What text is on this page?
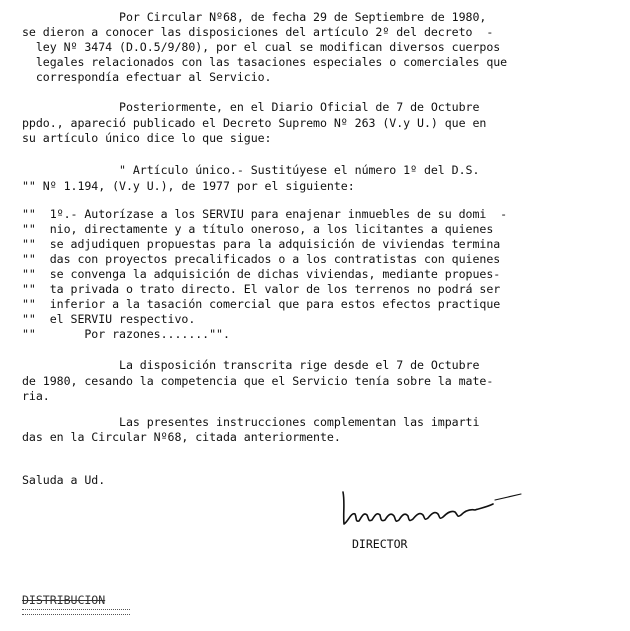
Por Circular Nº68, de fecha 29 de Septiembre de 1980,
se dieron a conocer las disposiciones del artículo 2º del decreto  -
ley Nº 3474 (D.O.5/9/80), por el cual se modifican diversos cuerpos
legales relacionados con las tasaciones especiales o comerciales que
correspondía efectuar al Servicio.
Posteriormente, en el Diario Oficial de 7 de Octubre
ppdo., apareció publicado el Decreto Supremo Nº 263 (V.y U.) que en
su artículo único dice lo que sigue:
" Artículo único.- Sustitúyese el número 1º del D.S.
"" Nº 1.194, (V.y U.), de 1977 por el siguiente:
""  1º.- Autorízase a los SERVIU para enajenar inmuebles de su domi  -
""  nio, directamente y a título oneroso, a los licitantes a quienes
""  se adjudiquen propuestas para la adquisición de viviendas termina
""  das con proyectos precalificados o a los contratistas con quienes
""  se convenga la adquisición de dichas viviendas, mediante propues-
""  ta privada o trato directo. El valor de los terrenos no podrá ser
""  inferior a la tasación comercial que para estos efectos practique
""  el SERVIU respectivo.
""       Por razones......."".
La disposición transcrita rige desde el 7 de Octubre
de 1980, cesando la competencia que el Servicio tenía sobre la mate-
ria.
Las presentes instrucciones complementan las imparti
das en la Circular Nº68, citada anteriormente.
Saluda a Ud.
DIRECTOR
DISTRIBUCION
